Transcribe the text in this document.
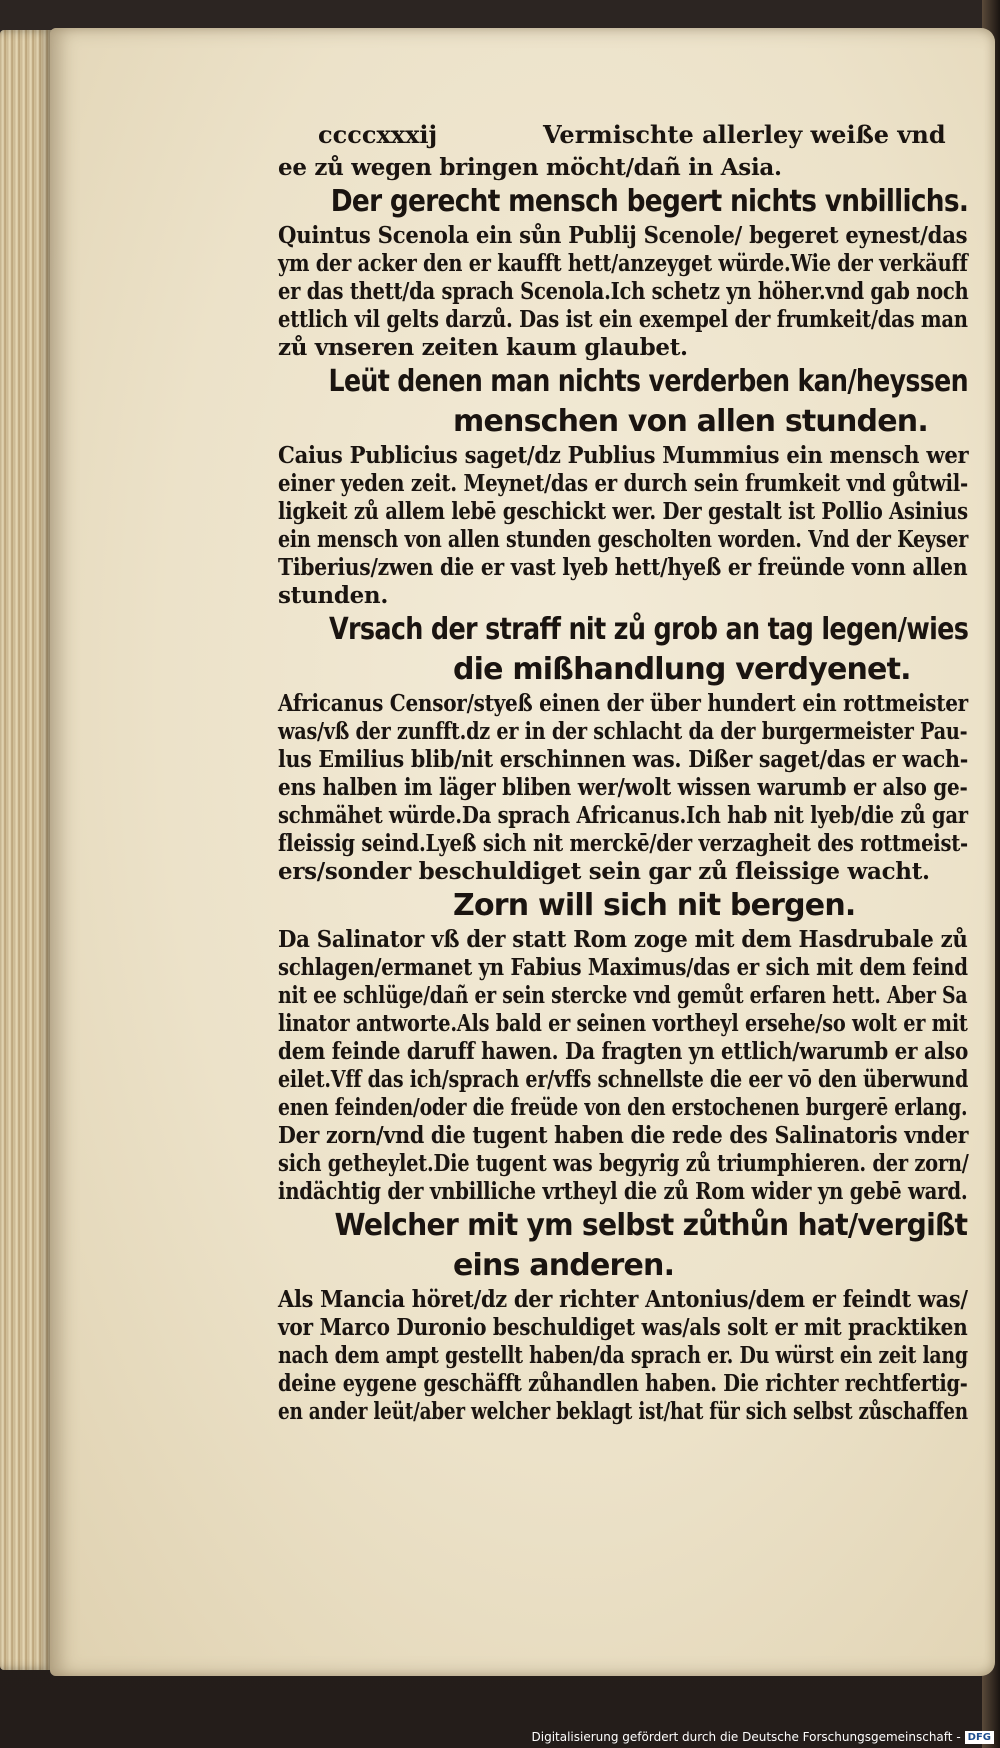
ccccxxxij	Vermischte allerley weiße vnd
ee zů wegen bringen möcht/dañ in Asia.
Der gerecht mensch begert nichts vnbillichs.
Quintus Scenola ein sůn Publij Scenole/ begeret eynest/das
ym der acker den er kaufft hett/anzeyget würde.Wie der verkäuff
er das thett/da sprach Scenola.Ich schetz yn höher.vnd gab noch
ettlich vil gelts darzů. Das ist ein exempel der frumkeit/das man
zů vnseren zeiten kaum glaubet.
Leüt denen man nichts verderben kan/heyssen
menschen von allen stunden.
Caius Publicius saget/dz Publius Mummius ein mensch wer
einer yeden zeit. Meynet/das er durch sein frumkeit vnd gůtwil-
ligkeit zů allem lebē geschickt wer. Der gestalt ist Pollio Asinius
ein mensch von allen stunden gescholten worden. Vnd der Keyser
Tiberius/zwen die er vast lyeb hett/hyeß er freünde vonn allen
stunden.
Vrsach der straff nit zů grob an tag legen/wies
die mißhandlung verdyenet.
Africanus Censor/styeß einen der über hundert ein rottmeister
was/vß der zunfft.dz er in der schlacht da der burgermeister Pau-
lus Emilius blib/nit erschinnen was. Dißer saget/das er wach-
ens halben im läger bliben wer/wolt wissen warumb er also ge-
schmähet würde.Da sprach Africanus.Ich hab nit lyeb/die zů gar
fleissig seind.Lyeß sich nit merckē/der verzagheit des rottmeist-
ers/sonder beschuldiget sein gar zů fleissige wacht.
Zorn will sich nit bergen.
Da Salinator vß der statt Rom zoge mit dem Hasdrubale zů
schlagen/ermanet yn Fabius Maximus/das er sich mit dem feind
nit ee schlüge/dañ er sein stercke vnd gemůt erfaren hett. Aber Sa
linator antworte.Als bald er seinen vortheyl ersehe/so wolt er mit
dem feinde daruff hawen. Da fragten yn ettlich/warumb er also
eilet.Vff das ich/sprach er/vffs schnellste die eer vō den überwund
enen feinden/oder die freüde von den erstochenen burgerē erlang.
Der zorn/vnd die tugent haben die rede des Salinatoris vnder
sich getheylet.Die tugent was begyrig zů triumphieren. der zorn/
indächtig der vnbilliche vrtheyl die zů Rom wider yn gebē ward.
Welcher mit ym selbst zůthůn hat/vergißt
eins anderen.
Als Mancia höret/dz der richter Antonius/dem er feindt was/
vor Marco Duronio beschuldiget was/als solt er mit pracktiken
nach dem ampt gestellt haben/da sprach er. Du würst ein zeit lang
deine eygene geschäfft zůhandlen haben. Die richter rechtfertig-
en ander leüt/aber welcher beklagt ist/hat für sich selbst zůschaffen
Digitalisierung gefördert durch die Deutsche Forschungsgemeinschaft - DFG
